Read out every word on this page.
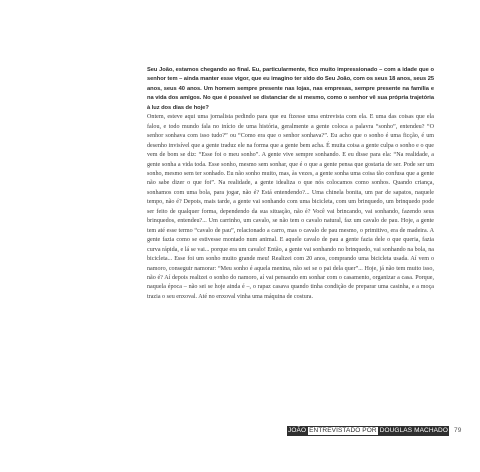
Seu João, estamos chegando ao final. Eu, particularmente, fico muito impressionado – com a idade que o senhor tem – ainda manter esse vigor, que eu imagino ter sido do Seu João, com os seus 18 anos, seus 25 anos, seus 40 anos. Um homem sempre presente nas lojas, nas empresas, sempre presente na família e na vida dos amigos. No que é possível se distanciar de si mesmo, como o senhor vê sua própria trajetória à luz dos dias de hoje?

Ontem, esteve aqui uma jornalista pedindo para que eu fizesse uma entrevista com ela. E uma das coisas que ela falou, e todo mundo fala no início de uma história, geralmente a gente coloca a palavra “sonho”, entendeu? “O senhor sonhava com isso tudo?” ou “Como era que o senhor sonhava?”. Eu acho que o sonho é uma ficção, é um desenho invisível que a gente traduz ele na forma que a gente bem acha. É muita coisa a gente culpa o sonho e o que vem de bom se diz: “Esse foi o meu sonho”. A gente vive sempre sonhando. E eu disse para ela: “Na realidade, a gente sonha a vida toda. Esse sonho, mesmo sem sonhar, que é o que a gente pensa que gostaria de ser. Pode ser um sonho, mesmo sem ter sonhado. Eu não sonho muito, mas, às vezes, a gente sonha uma coisa tão confusa que a gente não sabe dizer o que foi”. Na realidade, a gente idealiza o que nós colocamos como sonhos. Quando criança, sonhamos com uma bola, para jogar, não é? Está entendendo?... Uma chinela bonita, um par de sapatos, naquele tempo, não é? Depois, mais tarde, a gente vai sonhando com uma bicicleta, com um brinquedo, um brinquedo pode ser feito de qualquer forma, dependendo da sua situação, não é? Você vai brincando, vai sonhando, fazendo seus brinquedos, entendeu?... Um carrinho, um cavalo, se não tem o cavalo natural, faz um cavalo de pau. Hoje, a gente tem até esse termo “cavalo de pau”, relacionado a carro, mas o cavalo de pau mesmo, o primitivo, era de madeira. A gente fazia como se estivesse montado num animal. E aquele cavalo de pau a gente fazia dele o que queria, fazia curva rápida, e lá se vai... porque era um cavalo! Então, a gente vai sonhando no brinquedo, vai sonhando na bola, na bicicleta... Esse foi um sonho muito grande meu! Realizei com 20 anos, comprando uma bicicleta usada. Aí vem o namoro, conseguir namorar: “Meu sonho é aquela menina, não sei se o pai dela quer”... Hoje, já não tem muito isso, não é? Aí depois realizei o sonho do namoro, aí vai pensando em sonhar com o casamento, organizar a casa. Porque, naquela época – não sei se hoje ainda é –, o rapaz casava quando tinha condição de preparar uma casinha, e a moça trazia o seu enxoval. Até no enxoval vinha uma máquina de costura.

JOÃO ENTREVISTADO POR DOUGLAS MACHADO 79
